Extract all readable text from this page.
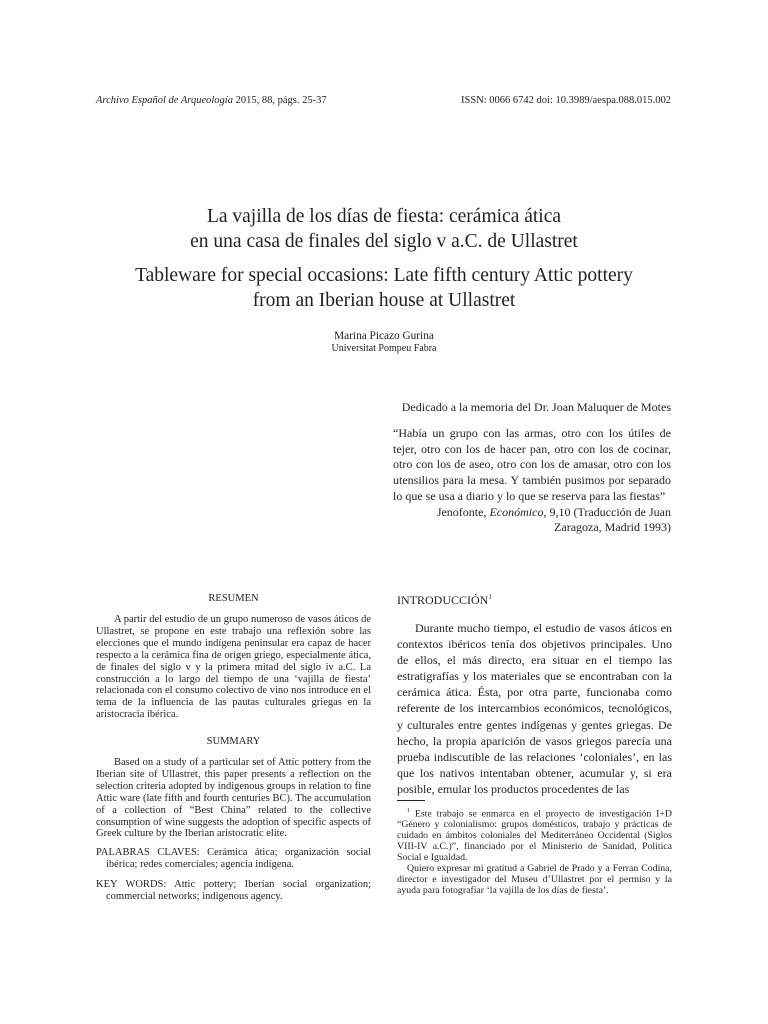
Archivo Español de Arqueología 2015, 88, págs. 25-37	ISSN: 0066 6742 doi: 10.3989/aespa.088.015.002
La vajilla de los días de fiesta: cerámica ática
en una casa de finales del siglo v a.C. de Ullastret
Tableware for special occasions: Late fifth century Attic pottery
from an Iberian house at Ullastret
Marina Picazo Gurina
Universitat Pompeu Fabra
Dedicado a la memoria del Dr. Joan Maluquer de Motes

“Había un grupo con las armas, otro con los útiles de tejer, otro con los de hacer pan, otro con los de cocinar, otro con los de aseo, otro con los de amasar, otro con los utensilios para la mesa. Y también pusimos por separado lo que se usa a diario y lo que se reserva para las fiestas”

Jenofonte, Económico, 9,10 (Traducción de Juan Zaragoza, Madrid 1993)

RESUMEN

A partir del estudio de un grupo numeroso de vasos áticos de Ullastret, se propone en este trabajo una reflexión sobre las elecciones que el mundo indígena peninsular era capaz de hacer respecto a la cerámica fina de origen griego, especialmente ática, de finales del siglo v y la primera mitad del siglo iv a.C. La construcción a lo largo del tiempo de una ‘vajilla de fiesta’ relacionada con el consumo colectivo de vino nos introduce en el tema de la influencia de las pautas culturales griegas en la aristocracia ibérica.

SUMMARY

Based on a study of a particular set of Attic pottery from the Iberian site of Ullastret, this paper presents a reflection on the selection criteria adopted by indigenous groups in relation to fine Attic ware (late fifth and fourth centuries BC). The accumulation of a collection of “Best China” related to the collective consumption of wine suggests the adoption of specific aspects of Greek culture by the Iberian aristocratic elite.

PALABRAS CLAVES: Cerámica ática; organización social ibérica; redes comerciales; agencia indígena.

KEY WORDS: Attic pottery; Iberian social organization; commercial networks; indigenous agency.

INTRODUCCIÓN$^1$
Durante mucho tiempo, el estudio de vasos áticos en contextos ibéricos tenía dos objetivos principales. Uno de ellos, el más directo, era situar en el tiempo las estratigrafías y los materiales que se encontraban con la cerámica ática. Ésta, por otra parte, funcionaba como referente de los intercambios económicos, tecnológicos, y culturales entre gentes indígenas y gentes griegas. De hecho, la propia aparición de vasos griegos parecía una prueba indiscutible de las relaciones ‘coloniales’, en las que los nativos intentaban obtener, acumular y, si era posible, emular los productos procedentes de las

$^1$ Este trabajo se enmarca en el proyecto de investigación I+D “Género y colonialismo: grupos domésticos, trabajo y prácticas de cuidado en ámbitos coloniales del Mediterráneo Occidental (Siglos VIII-IV a.C.)”, financiado por el Ministerio de Sanidad, Política Social e Igualdad.

Quiero expresar mi gratitud a Gabriel de Prado y a Ferran Codina, director e investigador del Museu d’Ullastret por el permiso y la ayuda para fotografiar ‘la vajilla de los días de fiesta’.
